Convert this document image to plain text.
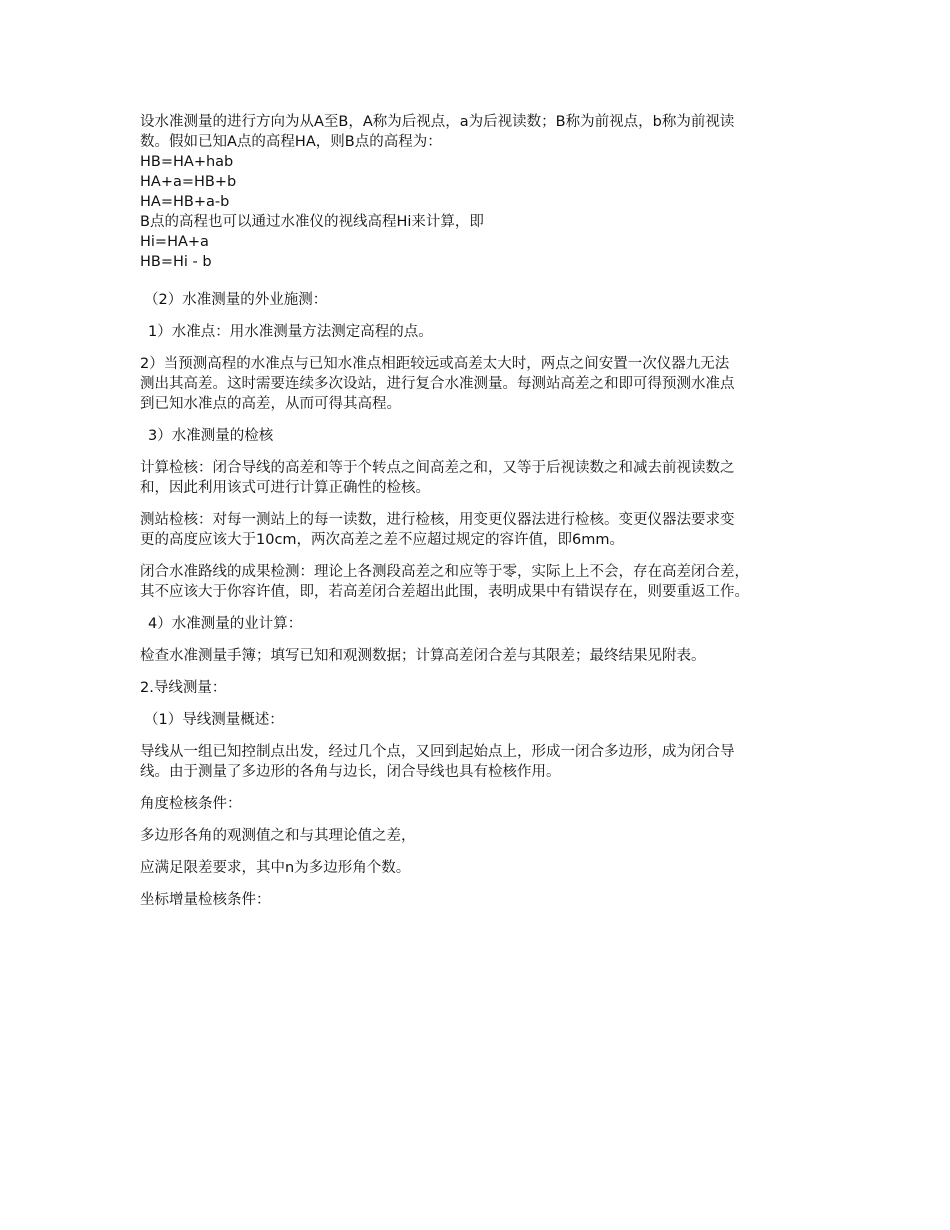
设水准测量的进行方向为从A至B，A称为后视点，a为后视读数；B称为前视点，b称为前视读
数。假如已知A点的高程HA，则B点的高程为：
HB=HA+hab
HA+a=HB+b
HA=HB+a-b
B点的高程也可以通过水准仪的视线高程Hi来计算，即
Hi=HA+a
HB=Hi - b
（2）水准测量的外业施测：
1）水准点：用水准测量方法测定高程的点。
2）当预测高程的水准点与已知水准点相距较远或高差太大时，两点之间安置一次仪器九无法
测出其高差。这时需要连续多次设站，进行复合水准测量。每测站高差之和即可得预测水准点
到已知水准点的高差，从而可得其高程。
3）水准测量的检核
计算检核：闭合导线的高差和等于个转点之间高差之和，又等于后视读数之和减去前视读数之
和，因此利用该式可进行计算正确性的检核。
测站检核：对每一测站上的每一读数，进行检核，用变更仪器法进行检核。变更仪器法要求变
更的高度应该大于10cm，两次高差之差不应超过规定的容许值，即6mm。
闭合水准路线的成果检测：理论上各测段高差之和应等于零，实际上上不会，存在高差闭合差，
其不应该大于你容许值，即，若高差闭合差超出此围，表明成果中有错误存在，则要重返工作。
4）水准测量的业计算：
检查水准测量手簿；填写已知和观测数据；计算高差闭合差与其限差；最终结果见附表。
2.导线测量：
（1）导线测量概述：
导线从一组已知控制点出发，经过几个点，又回到起始点上，形成一闭合多边形，成为闭合导
线。由于测量了多边形的各角与边长，闭合导线也具有检核作用。
角度检核条件：
多边形各角的观测值之和与其理论值之差，
应满足限差要求，其中n为多边形角个数。
坐标增量检核条件：
